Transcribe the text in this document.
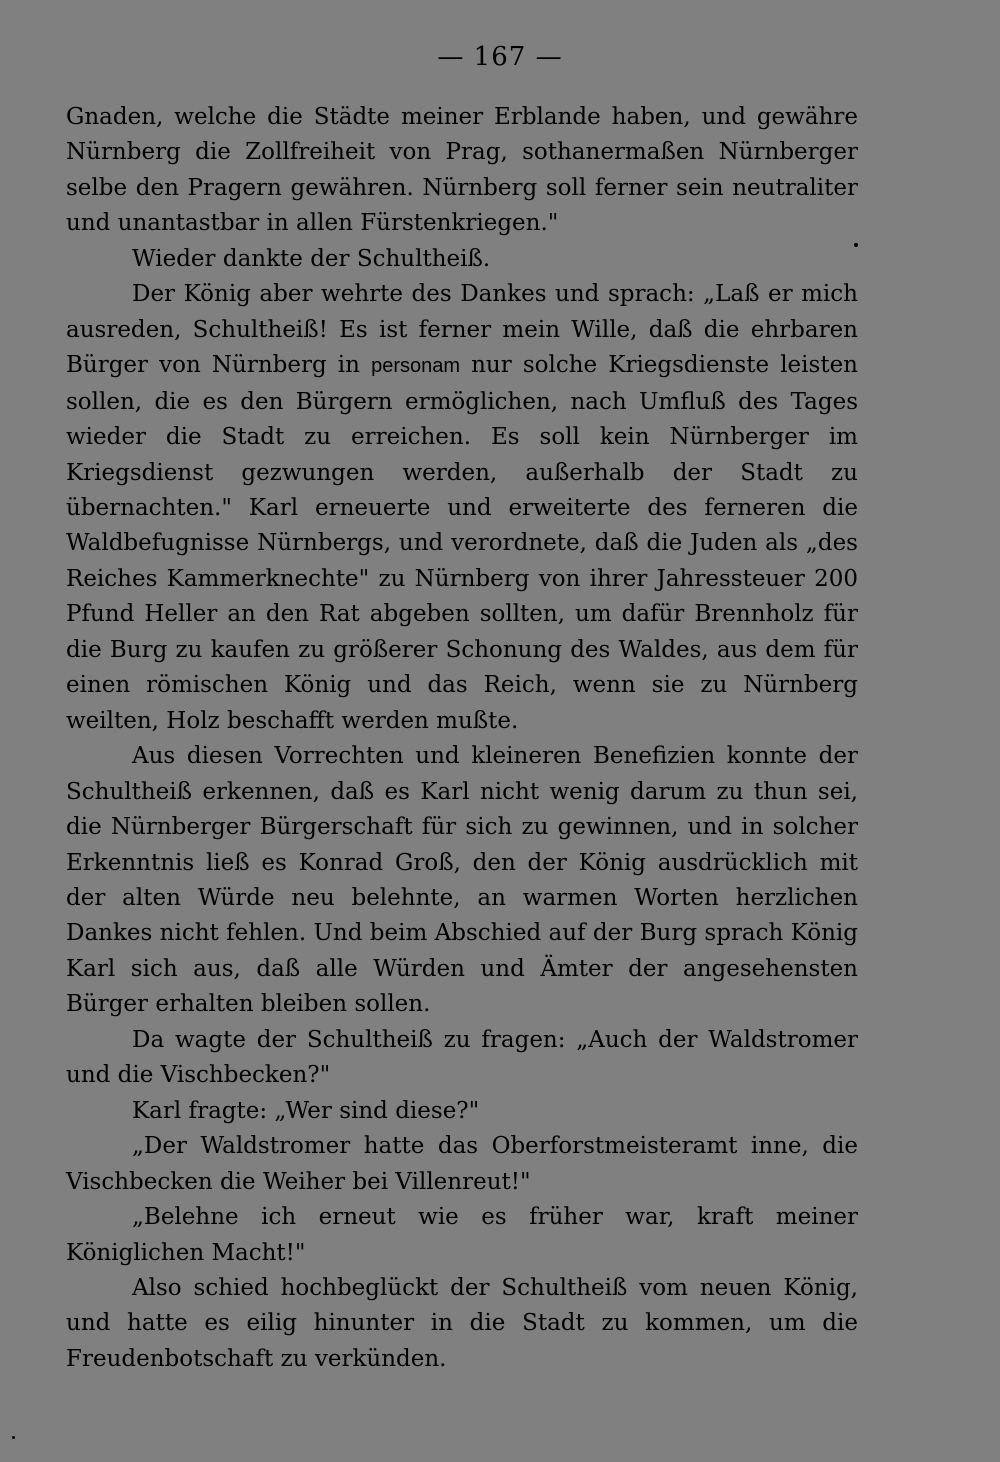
— 167 —

Gnaden, welche die Städte meiner Erblande haben, und gewähre Nürnberg die Zollfreiheit von Prag, sothanermaßen Nürnberger selbe den Pragern gewähren. Nürnberg soll ferner sein neutraliter und unantastbar in allen Fürstenkriegen."

Wieder dankte der Schultheiß.

Der König aber wehrte des Dankes und sprach: „Laß er mich ausreden, Schultheiß! Es ist ferner mein Wille, daß die ehrbaren Bürger von Nürnberg in personam nur solche Kriegsdienste leisten sollen, die es den Bürgern ermöglichen, nach Umfluß des Tages wieder die Stadt zu erreichen. Es soll kein Nürnberger im Kriegsdienst gezwungen werden, außerhalb der Stadt zu übernachten." Karl erneuerte und erweiterte des ferneren die Waldbefugnisse Nürnbergs, und verordnete, daß die Juden als „des Reiches Kammerknechte" zu Nürnberg von ihrer Jahressteuer 200 Pfund Heller an den Rat abgeben sollten, um dafür Brennholz für die Burg zu kaufen zu größerer Schonung des Waldes, aus dem für einen römischen König und das Reich, wenn sie zu Nürnberg weilten, Holz beschafft werden mußte.

Aus diesen Vorrechten und kleineren Benefizien konnte der Schultheiß erkennen, daß es Karl nicht wenig darum zu thun sei, die Nürnberger Bürgerschaft für sich zu gewinnen, und in solcher Erkenntnis ließ es Konrad Groß, den der König ausdrücklich mit der alten Würde neu belehnte, an warmen Worten herzlichen Dankes nicht fehlen. Und beim Abschied auf der Burg sprach König Karl sich aus, daß alle Würden und Ämter der angesehensten Bürger erhalten bleiben sollen.

Da wagte der Schultheiß zu fragen: „Auch der Waldstromer und die Vischbecken?"

Karl fragte: „Wer sind diese?"

„Der Waldstromer hatte das Oberforstmeisteramt inne, die Vischbecken die Weiher bei Villenreut!"

„Belehne ich erneut wie es früher war, kraft meiner Königlichen Macht!"

Also schied hochbeglückt der Schultheiß vom neuen König, und hatte es eilig hinunter in die Stadt zu kommen, um die Freudenbotschaft zu verkünden.
